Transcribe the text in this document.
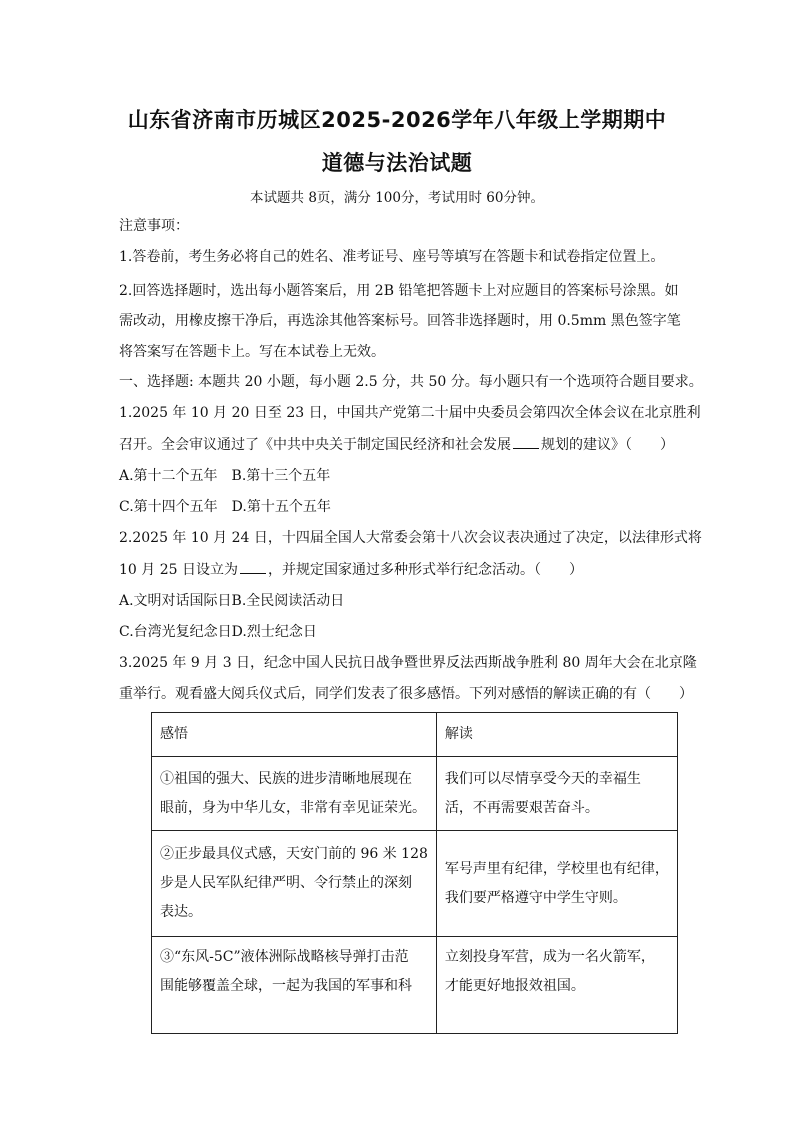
山东省济南市历城区2025-2026学年八年级上学期期中
道德与法治试题
本试题共 8页，满分 100分，考试用时 60分钟。
注意事项：
1.答卷前，考生务必将自己的姓名、准考证号、座号等填写在答题卡和试卷指定位置上。
2.回答选择题时，选出每小题答案后，用 2B 铅笔把答题卡上对应题目的答案标号涂黑。如
需改动，用橡皮擦干净后，再选涂其他答案标号。回答非选择题时，用 0.5mm 黑色签字笔
将答案写在答题卡上。写在本试卷上无效。
一、选择题: 本题共 20 小题，每小题 2.5 分，共 50 分。每小题只有一个选项符合题目要求。
1.2025 年 10 月 20 日至 23 日，中国共产党第二十届中央委员会第四次全体会议在北京胜利
召开。全会审议通过了《中共中央关于制定国民经济和社会发展 规划的建议》（　　）
A.第十二个五年　B.第十三个五年
C.第十四个五年　D.第十五个五年
2.2025 年 10 月 24 日，十四届全国人大常委会第十八次会议表决通过了决定，以法律形式将
10 月 25 日设立为 ，并规定国家通过多种形式举行纪念活动。（　　）
A.文明对话国际日B.全民阅读活动日
C.台湾光复纪念日D.烈士纪念日
3.2025 年 9 月 3 日，纪念中国人民抗日战争暨世界反法西斯战争胜利 80 周年大会在北京隆
重举行。观看盛大阅兵仪式后，同学们发表了很多感悟。下列对感悟的解读正确的有（　　）
感悟	解读

①祖国的强大、民族的进步清晰地展现在
眼前，身为中华儿女，非常有幸见证荣光。	我们可以尽情享受今天的幸福生
活，不再需要艰苦奋斗。

②正步最具仪式感，天安门前的 96 米 128
步是人民军队纪律严明、令行禁止的深刻
表达。	军号声里有纪律，学校里也有纪律，
我们要严格遵守中学生守则。

③“东风-5C”液体洲际战略核导弹打击范
围能够覆盖全球，一起为我国的军事和科	立刻投身军营，成为一名火箭军，
才能更好地报效祖国。
